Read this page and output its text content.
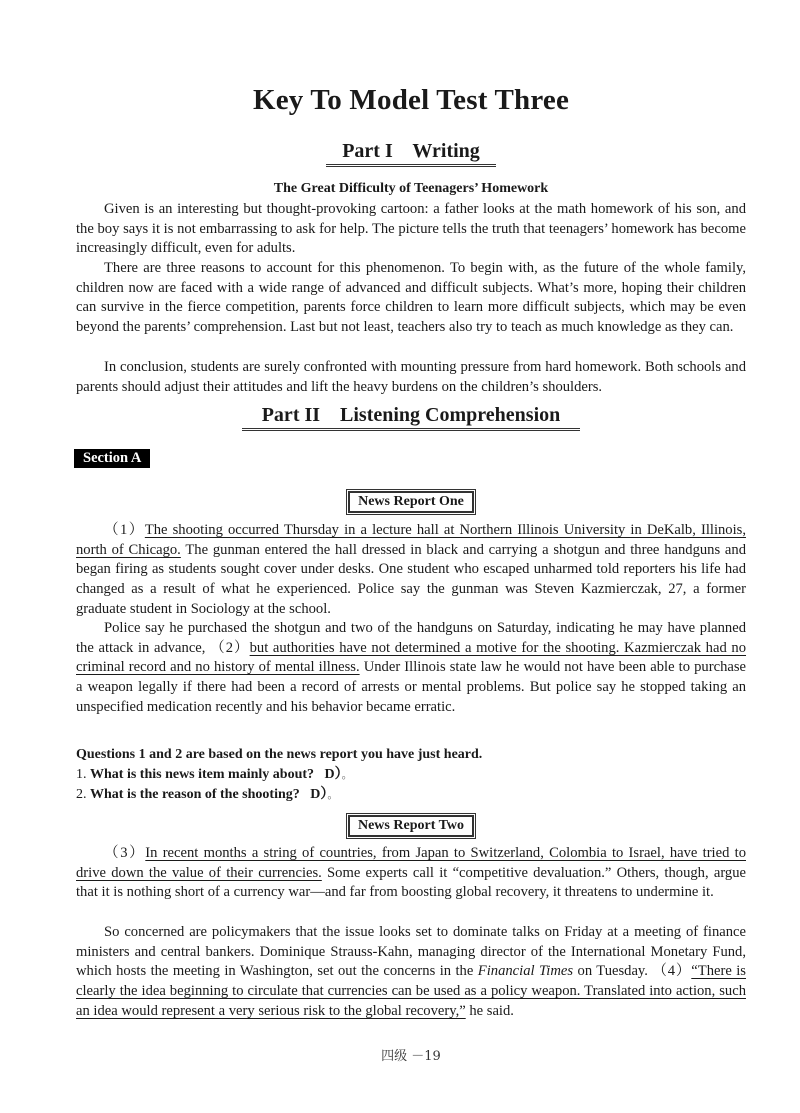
Key To Model Test Three
Part I    Writing
The Great Difficulty of Teenagers’ Homework

Given is an interesting but thought-provoking cartoon: a father looks at the math homework of his son, and the boy says it is not embarrassing to ask for help. The picture tells the truth that teenagers’ homework has become increasingly difficult, even for adults.

There are three reasons to account for this phenomenon. To begin with, as the future of the whole family, children now are faced with a wide range of advanced and difficult subjects. What’s more, hoping their children can survive in the fierce competition, parents force children to learn more difficult subjects, which may be even beyond the parents’ comprehension. Last but not least, teachers also try to teach as much knowledge as they can.

In conclusion, students are surely confronted with mounting pressure from hard homework. Both schools and parents should adjust their attitudes and lift the heavy burdens on the children’s shoulders.

Part II    Listening Comprehension
Section A
News Report One

（1）The shooting occurred Thursday in a lecture hall at Northern Illinois University in DeKalb, Illinois, north of Chicago. The gunman entered the hall dressed in black and carrying a shotgun and three handguns and began firing as students sought cover under desks. One student who escaped unharmed told reporters his life had changed as a result of what he experienced. Police say the gunman was Steven Kazmierczak, 27, a former graduate student in Sociology at the school.

Police say he purchased the shotgun and two of the handguns on Saturday, indicating he may have planned the attack in advance, （2）but authorities have not determined a motive for the shooting. Kazmierczak had no criminal record and no history of mental illness. Under Illinois state law he would not have been able to purchase a weapon legally if there had been a record of arrests or mental problems. But police say he stopped taking an unspecified medication recently and his behavior became erratic.

Questions 1 and 2 are based on the news report you have just heard.
1. What is this news item mainly about? D）。
2. What is the reason of the shooting? D）。
News Report Two

（3）In recent months a string of countries, from Japan to Switzerland, Colombia to Israel, have tried to drive down the value of their currencies. Some experts call it “competitive devaluation.” Others, though, argue that it is nothing short of a currency war—and far from boosting global recovery, it threatens to undermine it.

So concerned are policymakers that the issue looks set to dominate talks on Friday at a meeting of finance ministers and central bankers. Dominique Strauss-Kahn, managing director of the International Monetary Fund, which hosts the meeting in Washington, set out the concerns in the Financial Times on Tuesday. （4）“There is clearly the idea beginning to circulate that currencies can be used as a policy weapon. Translated into action, such an idea would represent a very serious risk to the global recovery,” he said.

四级 －19
